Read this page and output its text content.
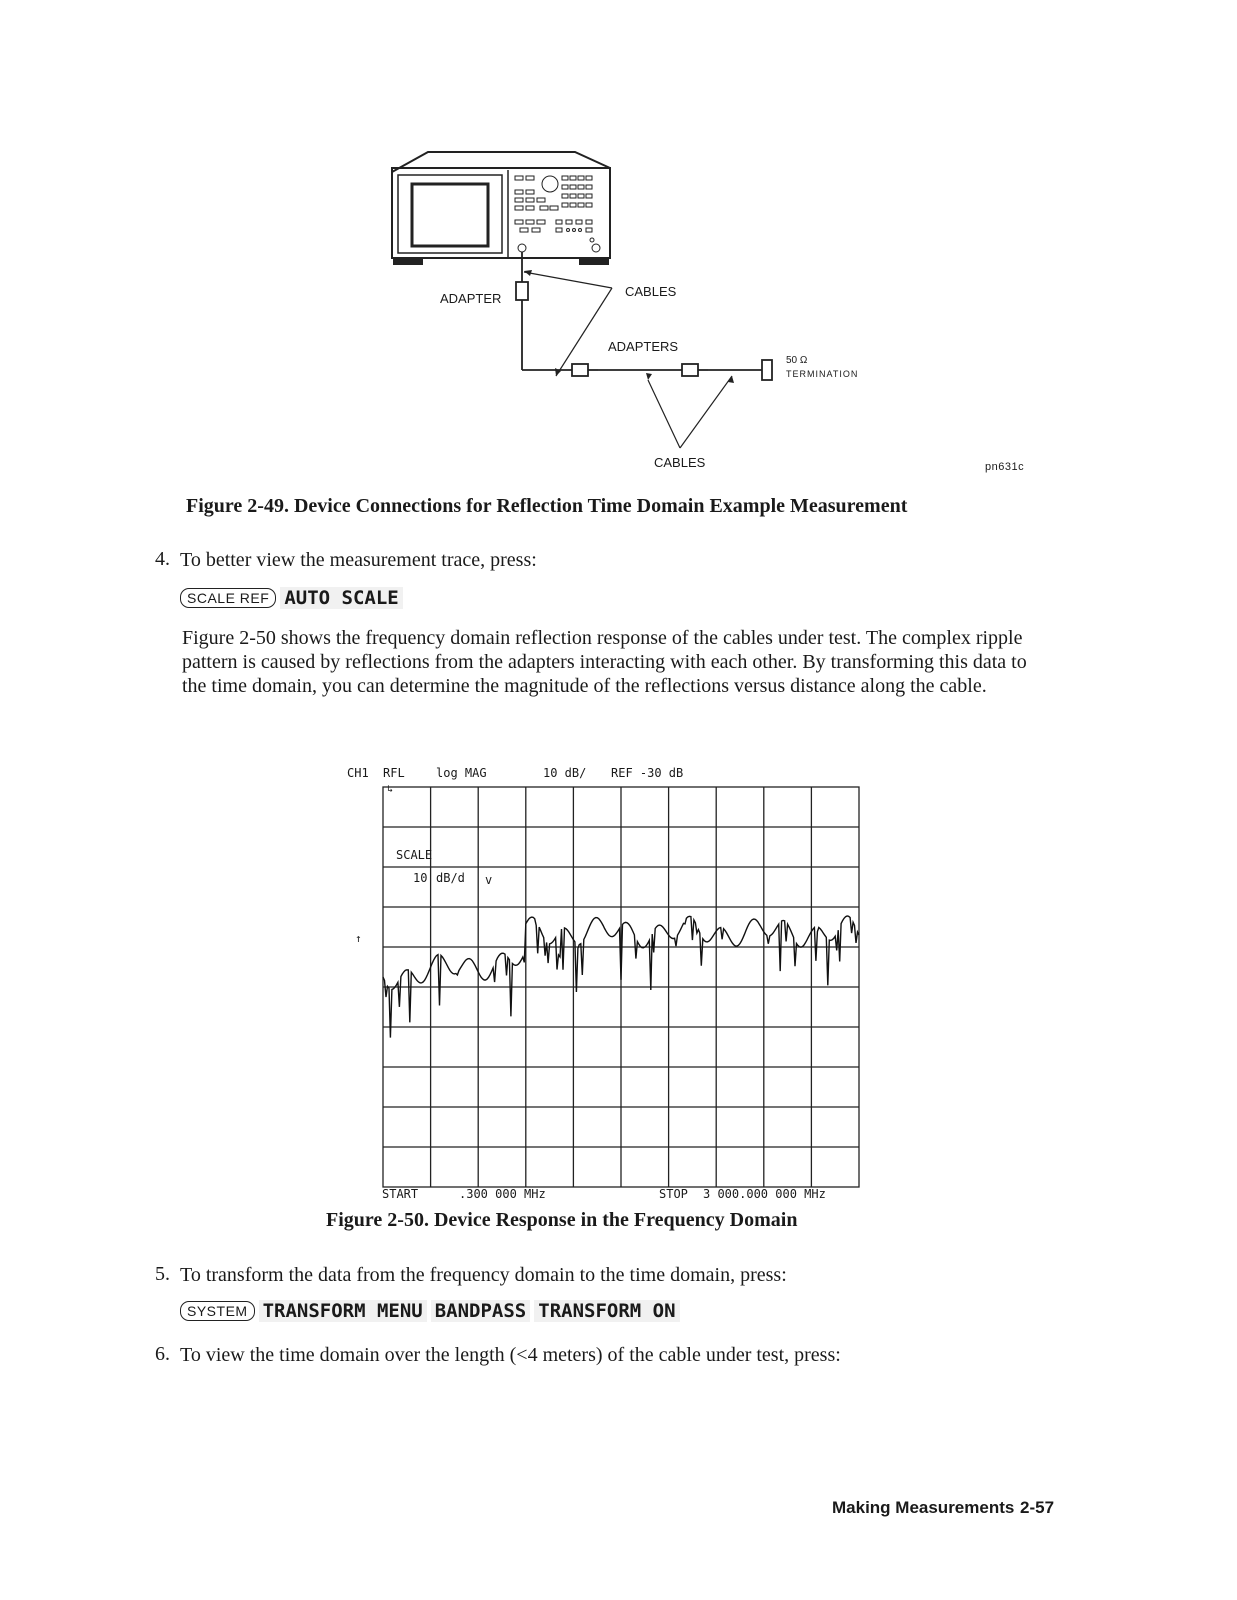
ADAPTER	CABLES
ADAPTERS
50 Ω
TERMINATION
CABLES	pn631c
Figure 2-49. Device Connections for Reflection Time Domain Example Measurement
4. To better view the measurement trace, press:
SCALE REF AUTO SCALE
Figure 2-50 shows the frequency domain reflection response of the cables under test. The complex ripple pattern is caused by reflections from the adapters interacting with each other. By transforming this data to the time domain, you can determine the magnitude of the reflections versus distance along the cable.
CH1 RFL	log MAG	10 dB/ REF -30 dB
↑
↳
SCALE
10 dB/d v
START	.300 000 MHz	STOP 3 000.000 000 MHz
Figure 2-50. Device Response in the Frequency Domain
5. To transform the data from the frequency domain to the time domain, press:
SYSTEM TRANSFORM MENU BANDPASS TRANSFORM ON
6. To view the time domain over the length (<4 meters) of the cable under test, press:
Making Measurements 2-57
